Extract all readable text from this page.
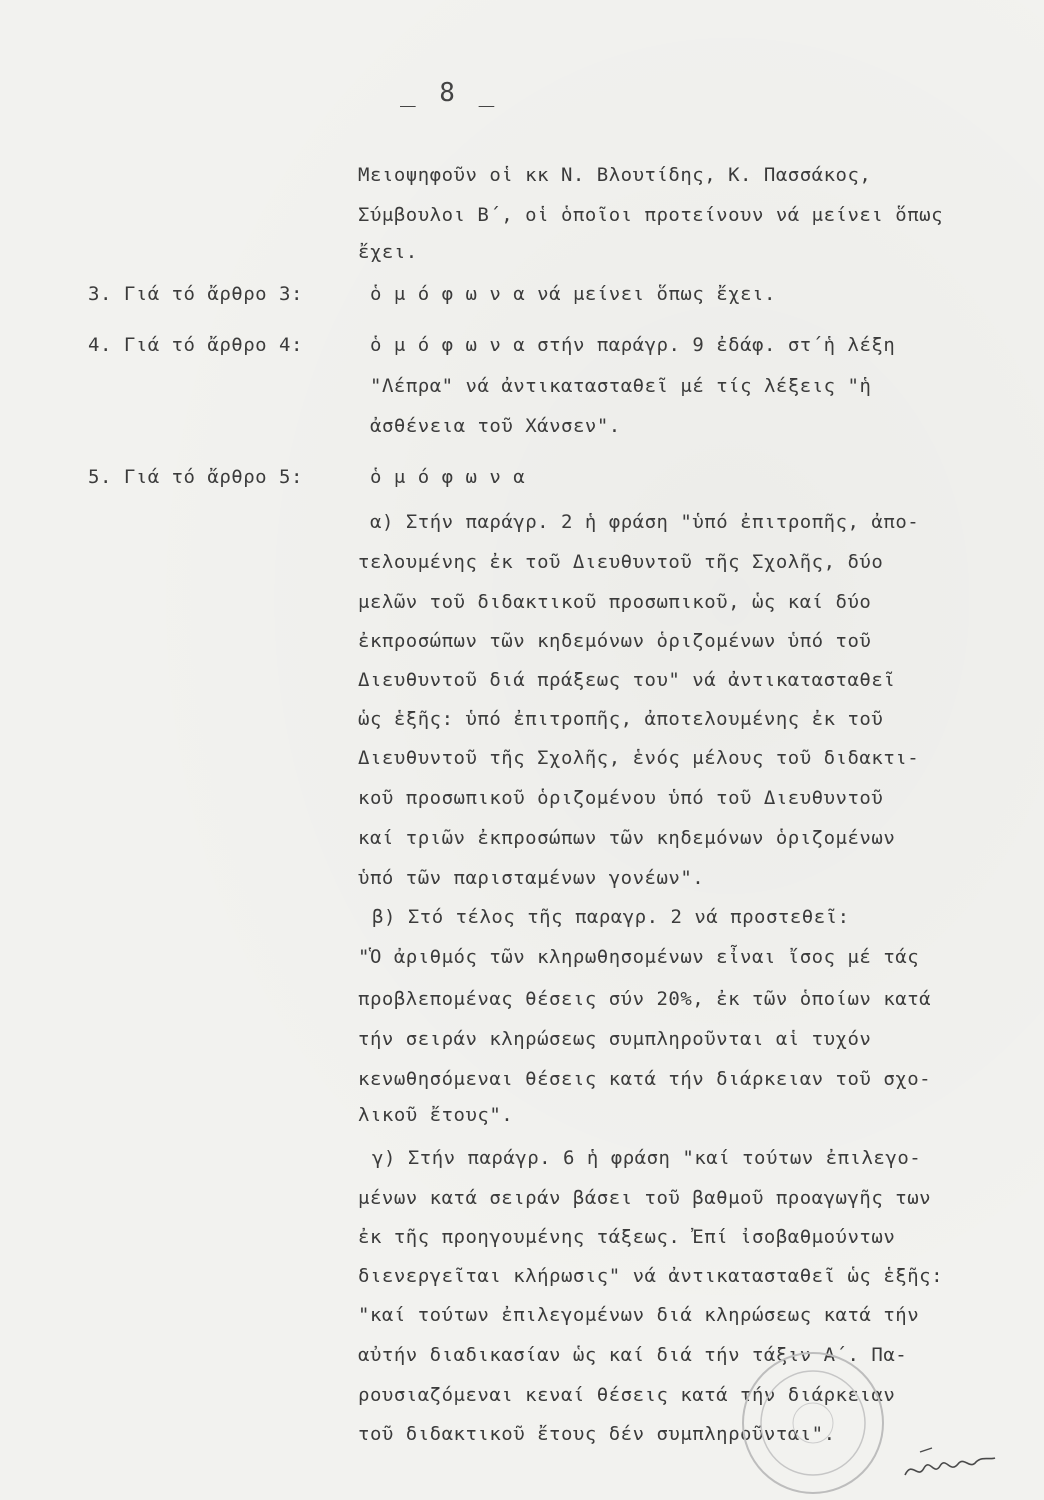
_ 8 _
Μειοψηφοῦν οἱ κκ Ν. Βλουτίδης, Κ. Πασσάκος,
Σύμβουλοι Β΄, οἱ ὁποῖοι προτείνουν νά μείνει ὅπως
ἔχει.
3. Γιά τό ἄρθρο 3:	ὁ μ ό φ ω ν α νά μείνει ὅπως ἔχει.
4. Γιά τό ἄρθρο 4:	ὁ μ ό φ ω ν α στήν παράγρ. 9 ἐδάφ. στ΄ἡ λέξη
"Λέπρα" νά ἀντικατασταθεῖ μέ τίς λέξεις "ἡ
ἀσθένεια τοῦ Χάνσεν".
5. Γιά τό ἄρθρο 5:	ὁ μ ό φ ω ν α
α) Στήν παράγρ. 2 ἡ φράση "ὑπό ἐπιτροπῆς, ἀπο-
τελουμένης ἐκ τοῦ Διευθυντοῦ τῆς Σχολῆς, δύο
μελῶν τοῦ διδακτικοῦ προσωπικοῦ, ὡς καί δύο
ἐκπροσώπων τῶν κηδεμόνων ὁριζομένων ὑπό τοῦ
Διευθυντοῦ διά πράξεως του" νά ἀντικατασταθεῖ
ὡς ἑξῆς: ὑπό ἐπιτροπῆς, ἀποτελουμένης ἐκ τοῦ
Διευθυντοῦ τῆς Σχολῆς, ἑνός μέλους τοῦ διδακτι-
κοῦ προσωπικοῦ ὁριζομένου ὑπό τοῦ Διευθυντοῦ
καί τριῶν ἐκπροσώπων τῶν κηδεμόνων ὁριζομένων
ὑπό τῶν παρισταμένων γονέων".
β) Στό τέλος τῆς παραγρ. 2 νά προστεθεῖ:
"Ὁ ἀριθμός τῶν κληρωθησομένων εἶναι ἴσος μέ τάς
προβλεπομένας θέσεις σύν 20%, ἐκ τῶν ὁποίων κατά
τήν σειράν κληρώσεως συμπληροῦνται αἱ τυχόν
κενωθησόμεναι θέσεις κατά τήν διάρκειαν τοῦ σχο-
λικοῦ ἔτους".
γ) Στήν παράγρ. 6 ἡ φράση "καί τούτων ἐπιλεγο-
μένων κατά σειράν βάσει τοῦ βαθμοῦ προαγωγῆς των
ἐκ τῆς προηγουμένης τάξεως. Ἐπί ἰσοβαθμούντων
διενεργεῖται κλήρωσις" νά ἀντικατασταθεῖ ὡς ἑξῆς:
"καί τούτων ἐπιλεγομένων διά κληρώσεως κατά τήν
αὐτήν διαδικασίαν ὡς καί διά τήν τάξιν Α΄. Πα-
ρουσιαζόμεναι κεναί θέσεις κατά τήν διάρκειαν
τοῦ διδακτικοῦ ἔτους δέν συμπληροῦνται".
